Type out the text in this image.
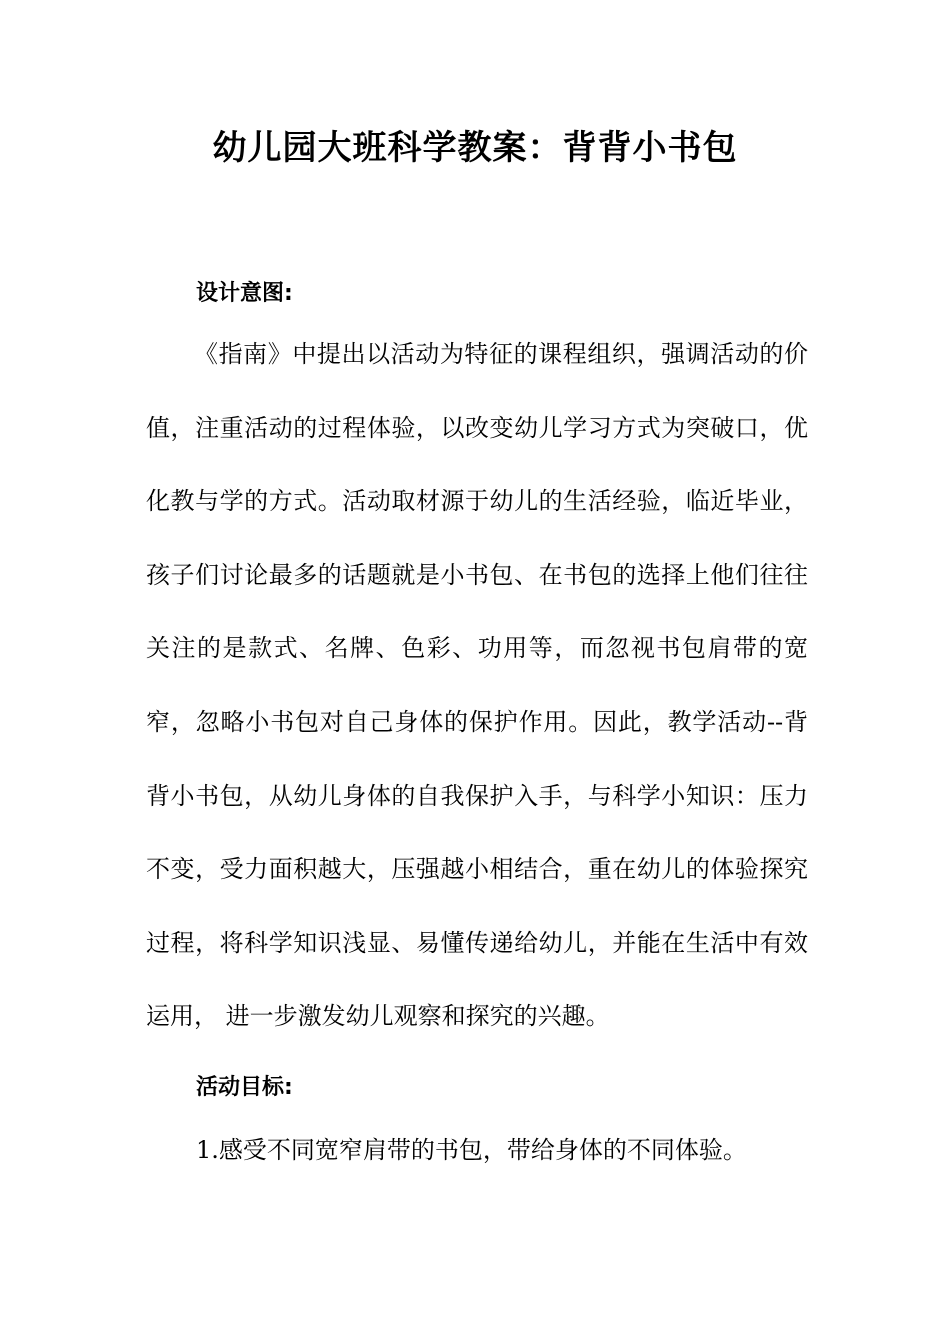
幼儿园大班科学教案：背背小书包
设计意图:

《指南》中提出以活动为特征的课程组织，强调活动的价值，注重活动的过程体验，以改变幼儿学习方式为突破口，优化教与学的方式。活动取材源于幼儿的生活经验，临近毕业，孩子们讨论最多的话题就是小书包、在书包的选择上他们往往关注的是款式、名牌、色彩、功用等，而忽视书包肩带的宽窄，忽略小书包对自己身体的保护作用。因此，教学活动--背背小书包，从幼儿身体的自我保护入手，与科学小知识：压力不变，受力面积越大，压强越小相结合，重在幼儿的体验探究过程，将科学知识浅显、易懂传递给幼儿，并能在生活中有效运用， 进一步激发幼儿观察和探究的兴趣。

活动目标:
1.感受不同宽窄肩带的书包，带给身体的不同体验。
